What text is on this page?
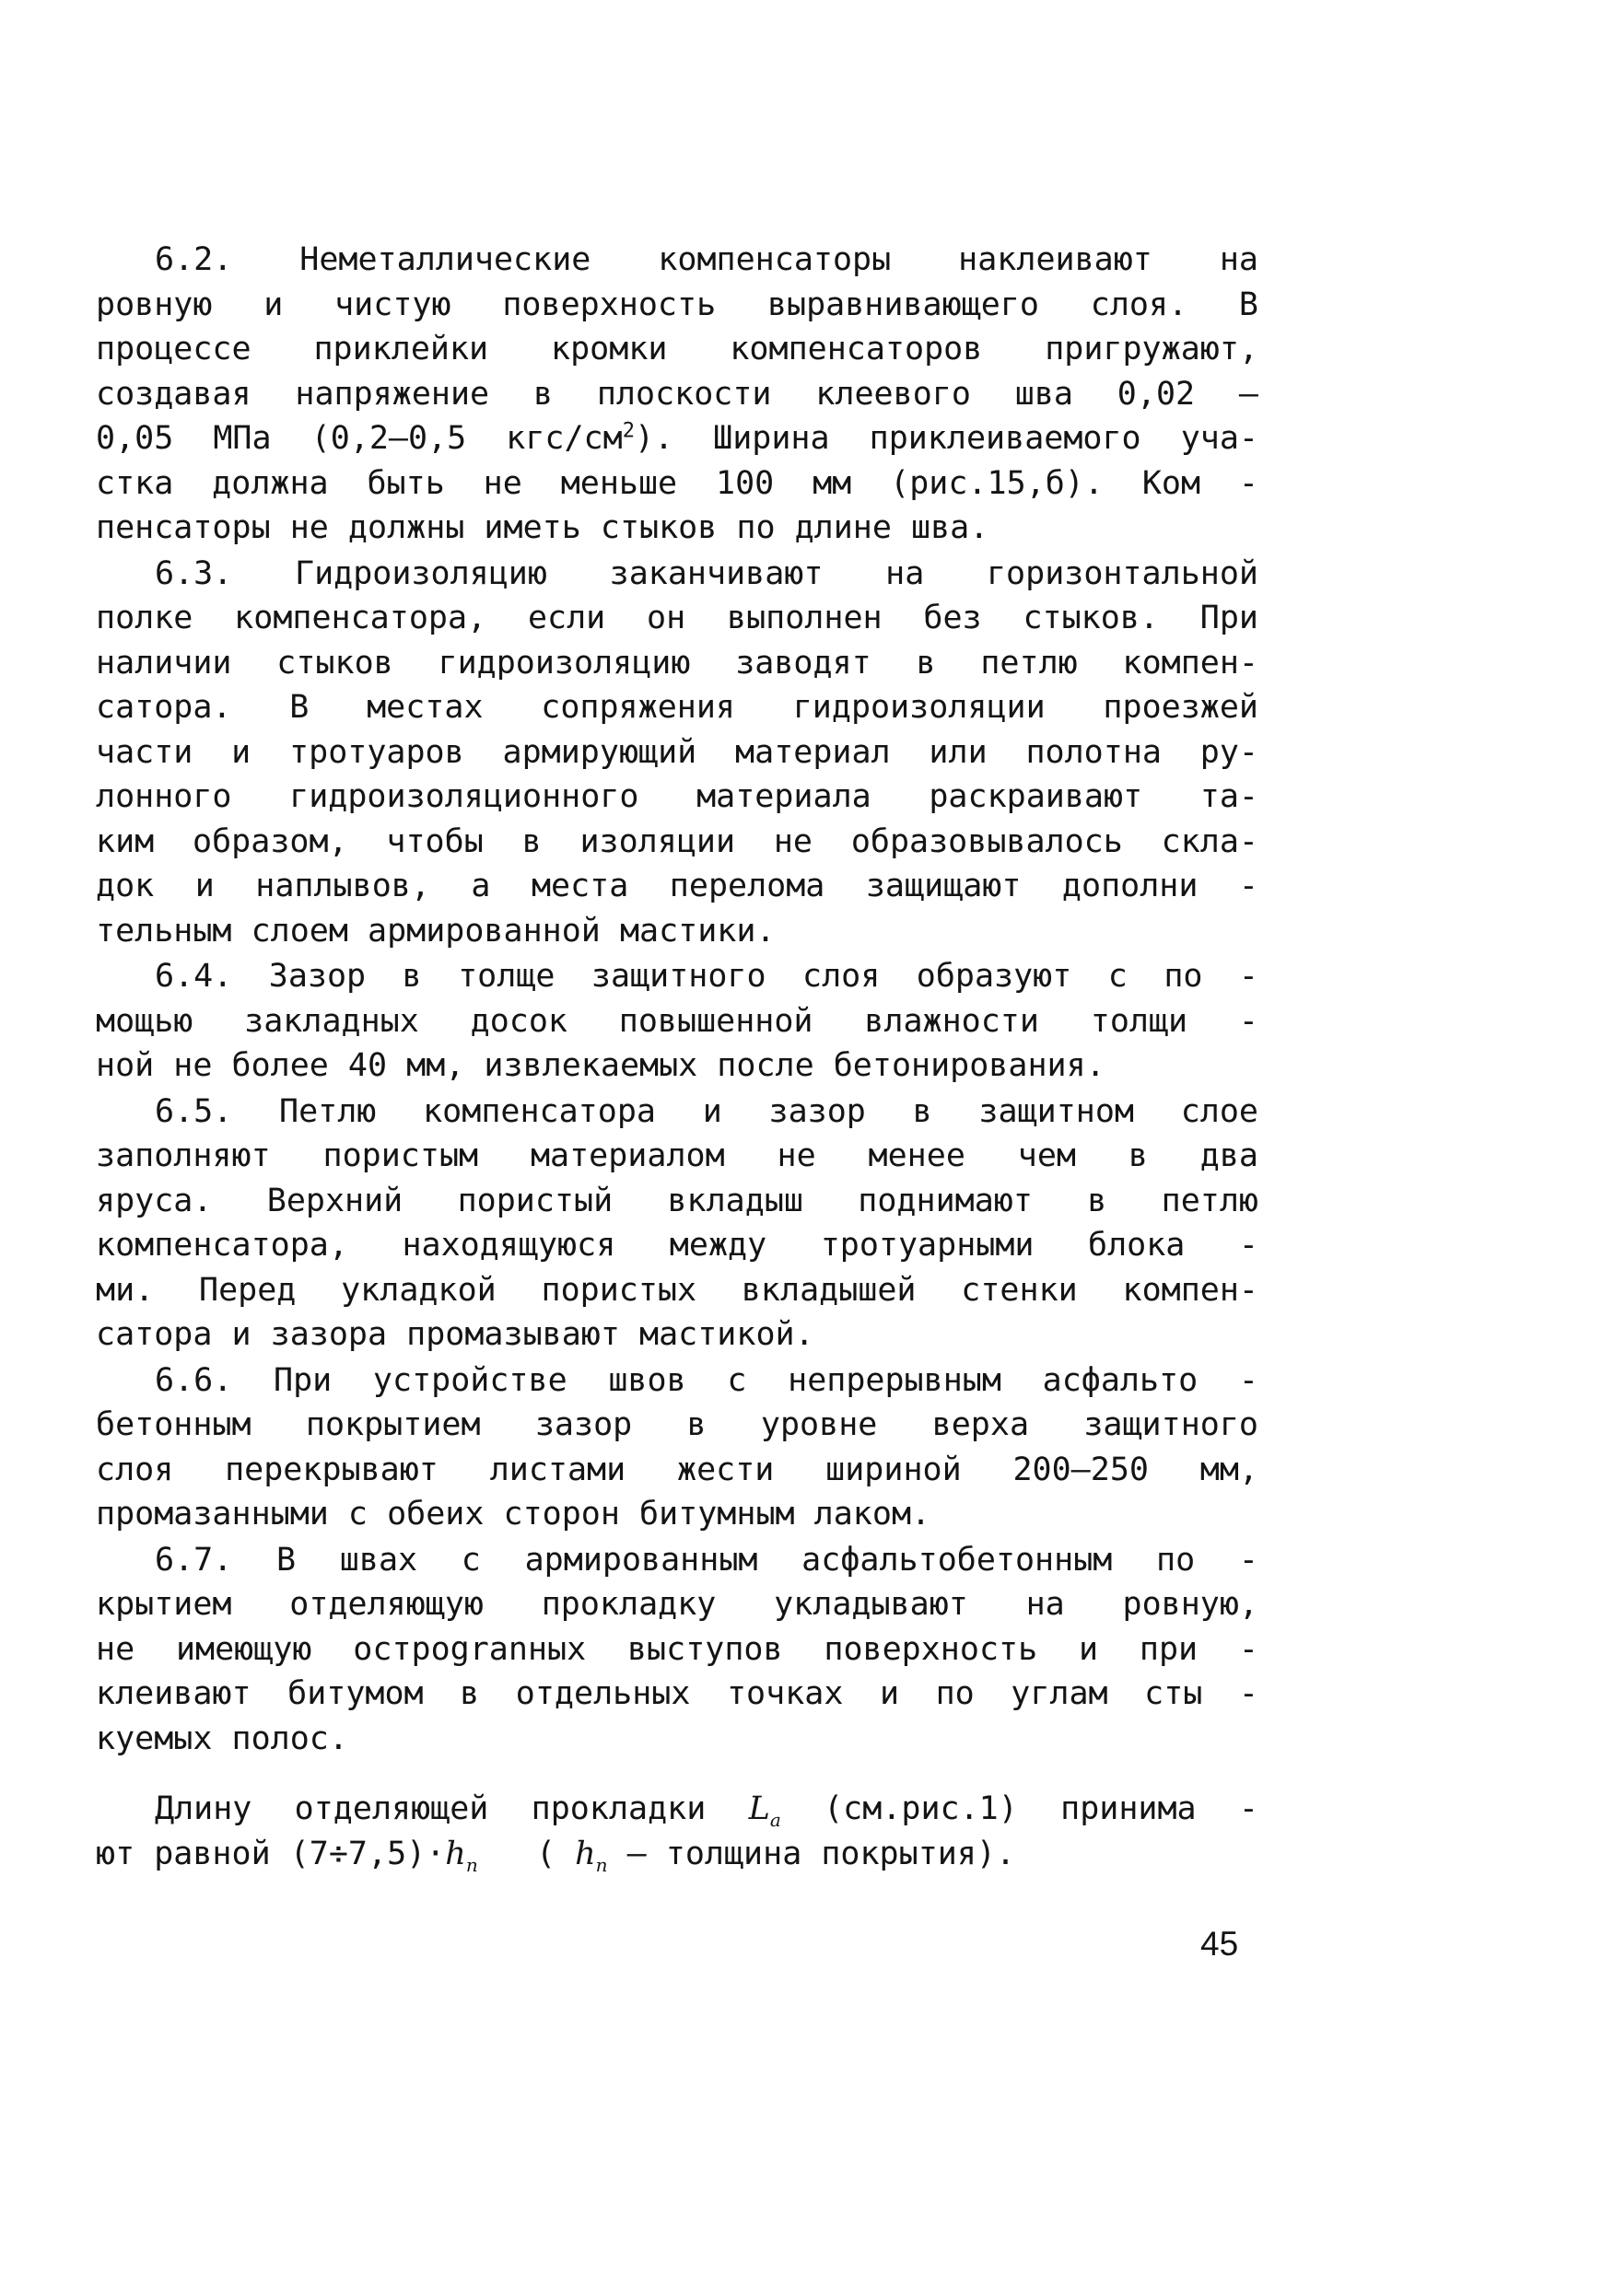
6.2. Неметаллические компенсаторы наклеивают на
ровную и чистую поверхность выравнивающего слоя. В
процессе приклейки кромки компенсаторов пригружают,
создавая напряжение в плоскости клеевого шва 0,02 –
0,05 МПа (0,2–0,5 кгс/$см^2$). Ширина приклеиваемого уча-
стка должна быть не меньше 100 мм (рис.15,б). Ком -
пенсаторы не должны иметь стыков по длине шва.

6.3. Гидроизоляцию заканчивают на горизонтальной
полке компенсатора, если он выполнен без стыков. При
наличии стыков гидроизоляцию заводят в петлю компен-
сатора. В местах сопряжения гидроизоляции проезжей
части и тротуаров армирующий материал или полотна ру-
лонного гидроизоляционного материала раскраивают та-
ким образом, чтобы в изоляции не образовывалось скла-
док и наплывов, а места перелома защищают дополни -
тельным слоем армированной мастики.

6.4. Зазор в толще защитного слоя образуют с по -
мощью закладных досок повышенной влажности толщи -
ной не более 40 мм, извлекаемых после бетонирования.

6.5. Петлю компенсатора и зазор в защитном слое
заполняют пористым материалом не менее чем в два
яруса. Верхний пористый вкладыш поднимают в петлю
компенсатора, находящуюся между тротуарными блока -
ми. Перед укладкой пористых вкладышей стенки компен-
сатора и зазора промазывают мастикой.

6.6. При устройстве швов с непрерывным асфальто -
бетонным покрытием зазор в уровне верха защитного
слоя перекрывают листами жести шириной 200–250 мм,
промазанными с обеих сторон битумным лаком.

6.7. В швах с армированным асфальтобетонным по -
крытием отделяющую прокладку укладывают на ровную,
не имеющую остроgranных выступов поверхность и при -
клеивают битумом в отдельных точках и по углам сты -
куемых полос.

Длину отделяющей прокладки $L_a$ (см.рис.1) принима -
ют равной $(7\div 7,5)\cdot h_п$ ( $h_п$ – толщина покрытия).

45
